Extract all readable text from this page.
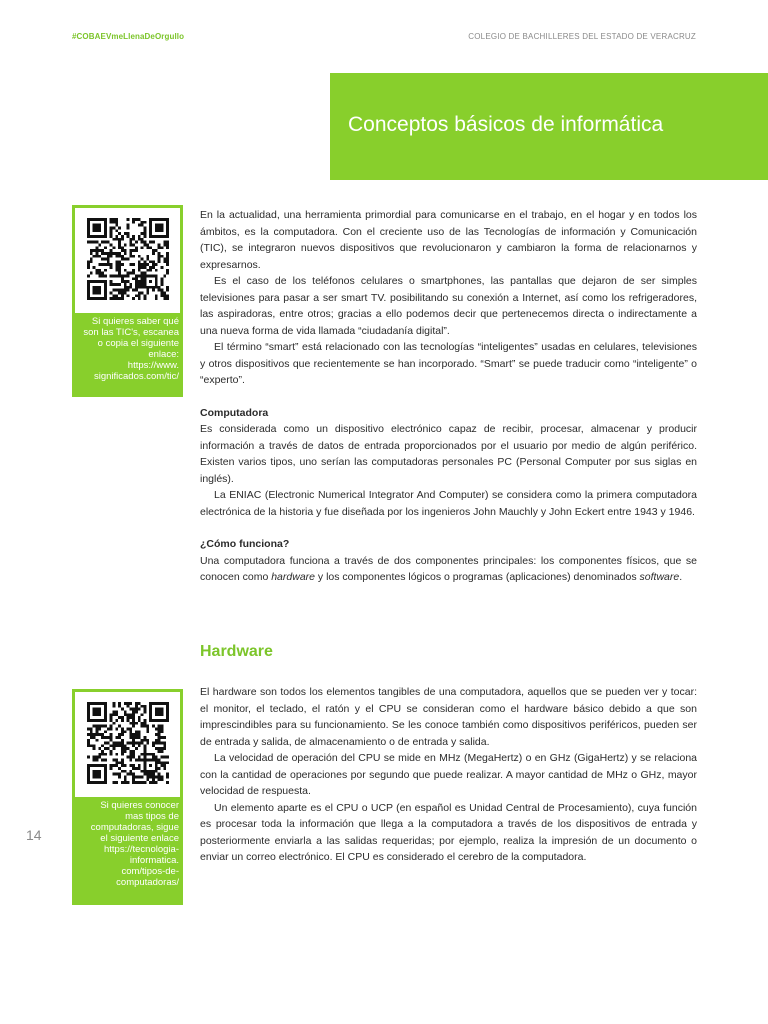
#COBAEVmeLlenaDeOrgullo	COLEGIO DE BACHILLERES DEL ESTADO DE VERACRUZ
Conceptos básicos de informática
Si quieres saber qué
son las TIC's, escanea
o copia el siguiente
enlace:
https://www.
significados.com/tic/
Si quieres conocer
mas tipos de
computadoras, sigue
el siguiente enlace
https://tecnologia-
informatica.
com/tipos-de-
computadoras/

En la actualidad, una herramienta primordial para comunicarse en el trabajo, en el hogar y en todos los ámbitos, es la computadora. Con el creciente uso de las Tecnologías de información y Comunicación (TIC), se integraron nuevos dispositivos que revolucionaron y cambiaron la forma de relacionarnos y expresarnos.

Es el caso de los teléfonos celulares o smartphones, las pantallas que dejaron de ser simples televisiones para pasar a ser smart TV. posibilitando su conexión a Internet, así como los refrigeradores, las aspiradoras, entre otros; gracias a ello podemos decir que pertenecemos directa o indirectamente a una nueva forma de vida llamada “ciudadanía digital”.

El término “smart” está relacionado con las tecnologías “inteligentes” usadas en celulares, televisiones y otros dispositivos que recientemente se han incorporado. “Smart” se puede traducir como “inteligente” o “experto”.

Computadora

Es considerada como un dispositivo electrónico capaz de recibir, procesar, almacenar y producir información a través de datos de entrada proporcionados por el usuario por medio de algún periférico. Existen varios tipos, uno serían las computadoras personales PC (Personal Computer por sus siglas en inglés).

La ENIAC (Electronic Numerical Integrator And Computer) se considera como la primera computadora electrónica de la historia y fue diseñada por los ingenieros John Mauchly y John Eckert entre 1943 y 1946.

¿Cómo funciona?

Una computadora funciona a través de dos componentes principales: los componentes físicos, que se conocen como hardware y los componentes lógicos o programas (aplicaciones) denominados software.

Hardware

El hardware son todos los elementos tangibles de una computadora, aquellos que se pueden ver y tocar: el monitor, el teclado, el ratón y el CPU se consideran como el hardware básico debido a que son imprescindibles para su funcionamiento. Se les conoce también como dispositivos periféricos, pueden ser de entrada y salida, de almacenamiento o de entrada y salida.

La velocidad de operación del CPU se mide en MHz (MegaHertz) o en GHz (GigaHertz) y se relaciona con la cantidad de operaciones por segundo que puede realizar. A mayor cantidad de MHz o GHz, mayor velocidad de respuesta.

Un elemento aparte es el CPU o UCP (en español es Unidad Central de Procesamiento), cuya función es procesar toda la información que llega a la computadora a través de los dispositivos de entrada y posteriormente enviarla a las salidas requeridas; por ejemplo, realiza la impresión de un documento o enviar un correo electrónico. El CPU es considerado el cerebro de la computadora.

14
